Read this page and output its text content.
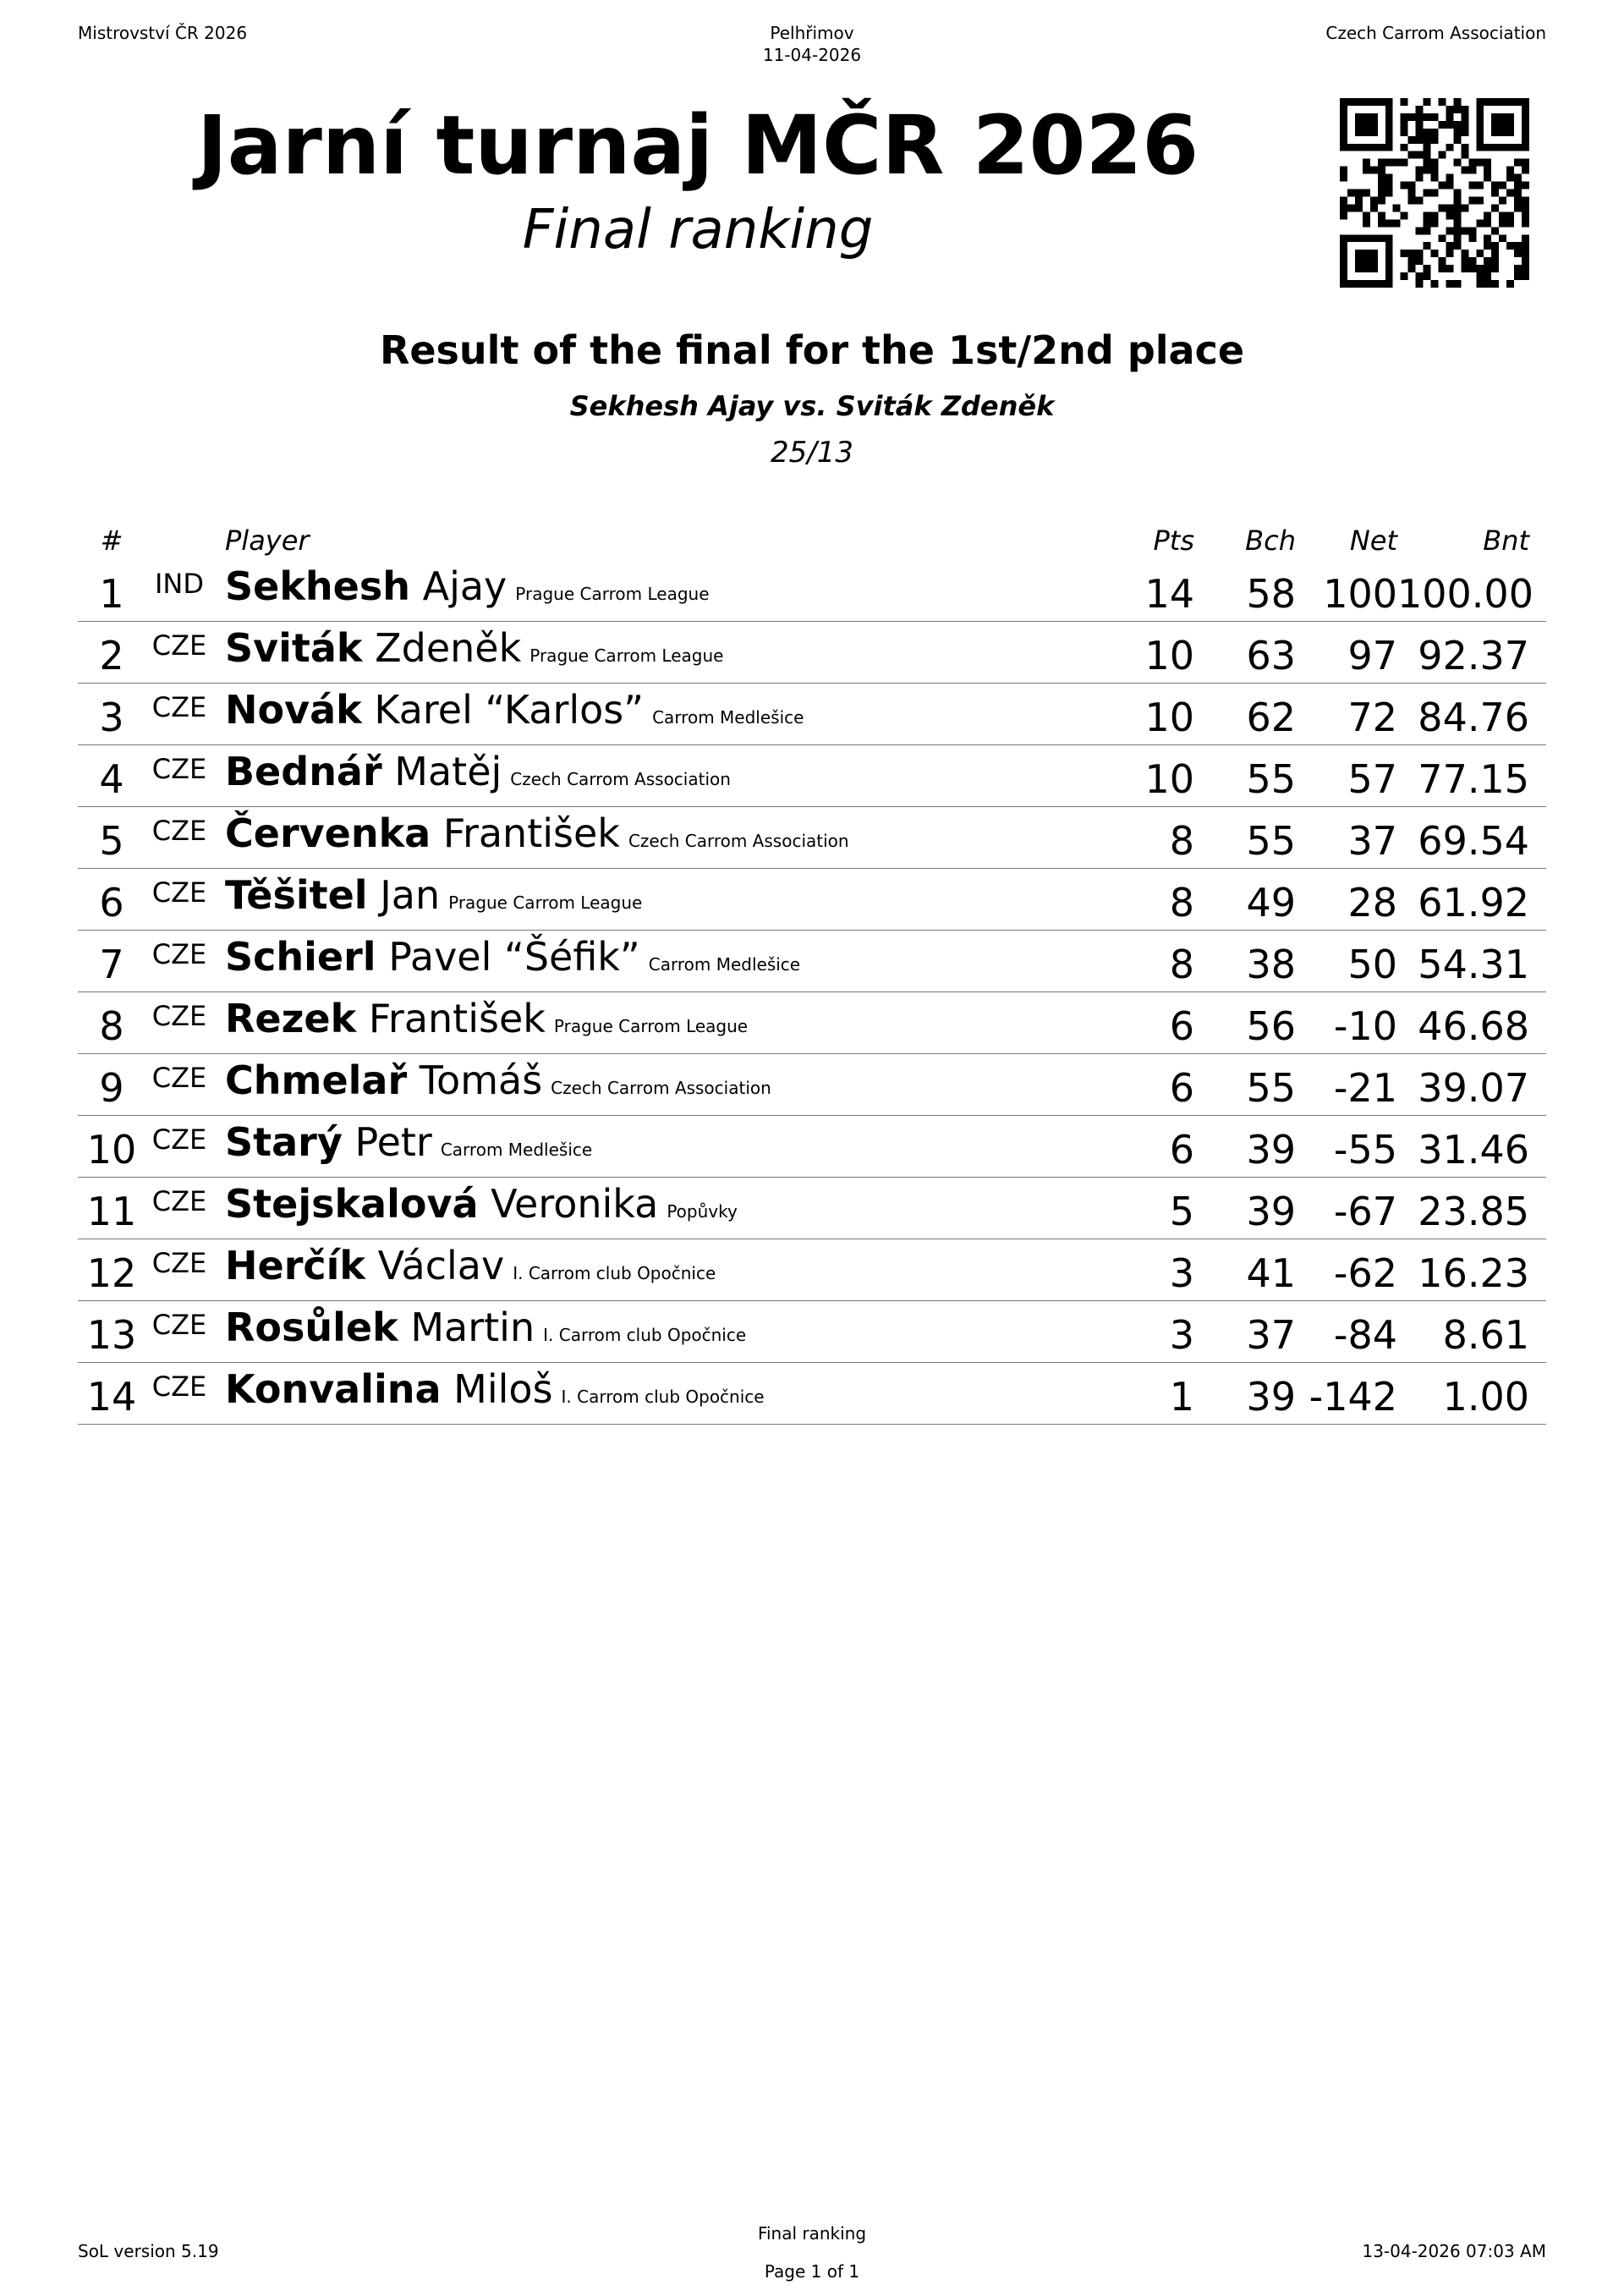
Mistrovství ČR 2026	Pelhřimov
11-04-2026
Czech Carrom Association
Jarní turnaj MČR 2026
Final ranking
Result of the final for the 1st/2nd place
Sekhesh Ajay vs. Sviták Zdeněk
25/13
#		Player	Pts	Bch	Net	Bnt
1	IND	Sekhesh Ajay Prague Carrom League	14	58	100	100.00
2	CZE	Sviták Zdeněk Prague Carrom League	10	63	97	92.37
3	CZE	Novák Karel “Karlos” Carrom Medlešice	10	62	72	84.76
4	CZE	Bednář Matěj Czech Carrom Association	10	55	57	77.15
5	CZE	Červenka František Czech Carrom Association	8	55	37	69.54
6	CZE	Těšitel Jan Prague Carrom League	8	49	28	61.92
7	CZE	Schierl Pavel “Šéfik” Carrom Medlešice	8	38	50	54.31
8	CZE	Rezek František Prague Carrom League	6	56	-10	46.68
9	CZE	Chmelař Tomáš Czech Carrom Association	6	55	-21	39.07
10	CZE	Starý Petr Carrom Medlešice	6	39	-55	31.46
11	CZE	Stejskalová Veronika Popůvky	5	39	-67	23.85
12	CZE	Herčík Václav I. Carrom club Opočnice	3	41	-62	16.23
13	CZE	Rosůlek Martin I. Carrom club Opočnice	3	37	-84	8.61
14	CZE	Konvalina Miloš I. Carrom club Opočnice	1	39	-142	1.00
SoL version 5.19
Final ranking
Page 1 of 1
13-04-2026 07:03 AM
